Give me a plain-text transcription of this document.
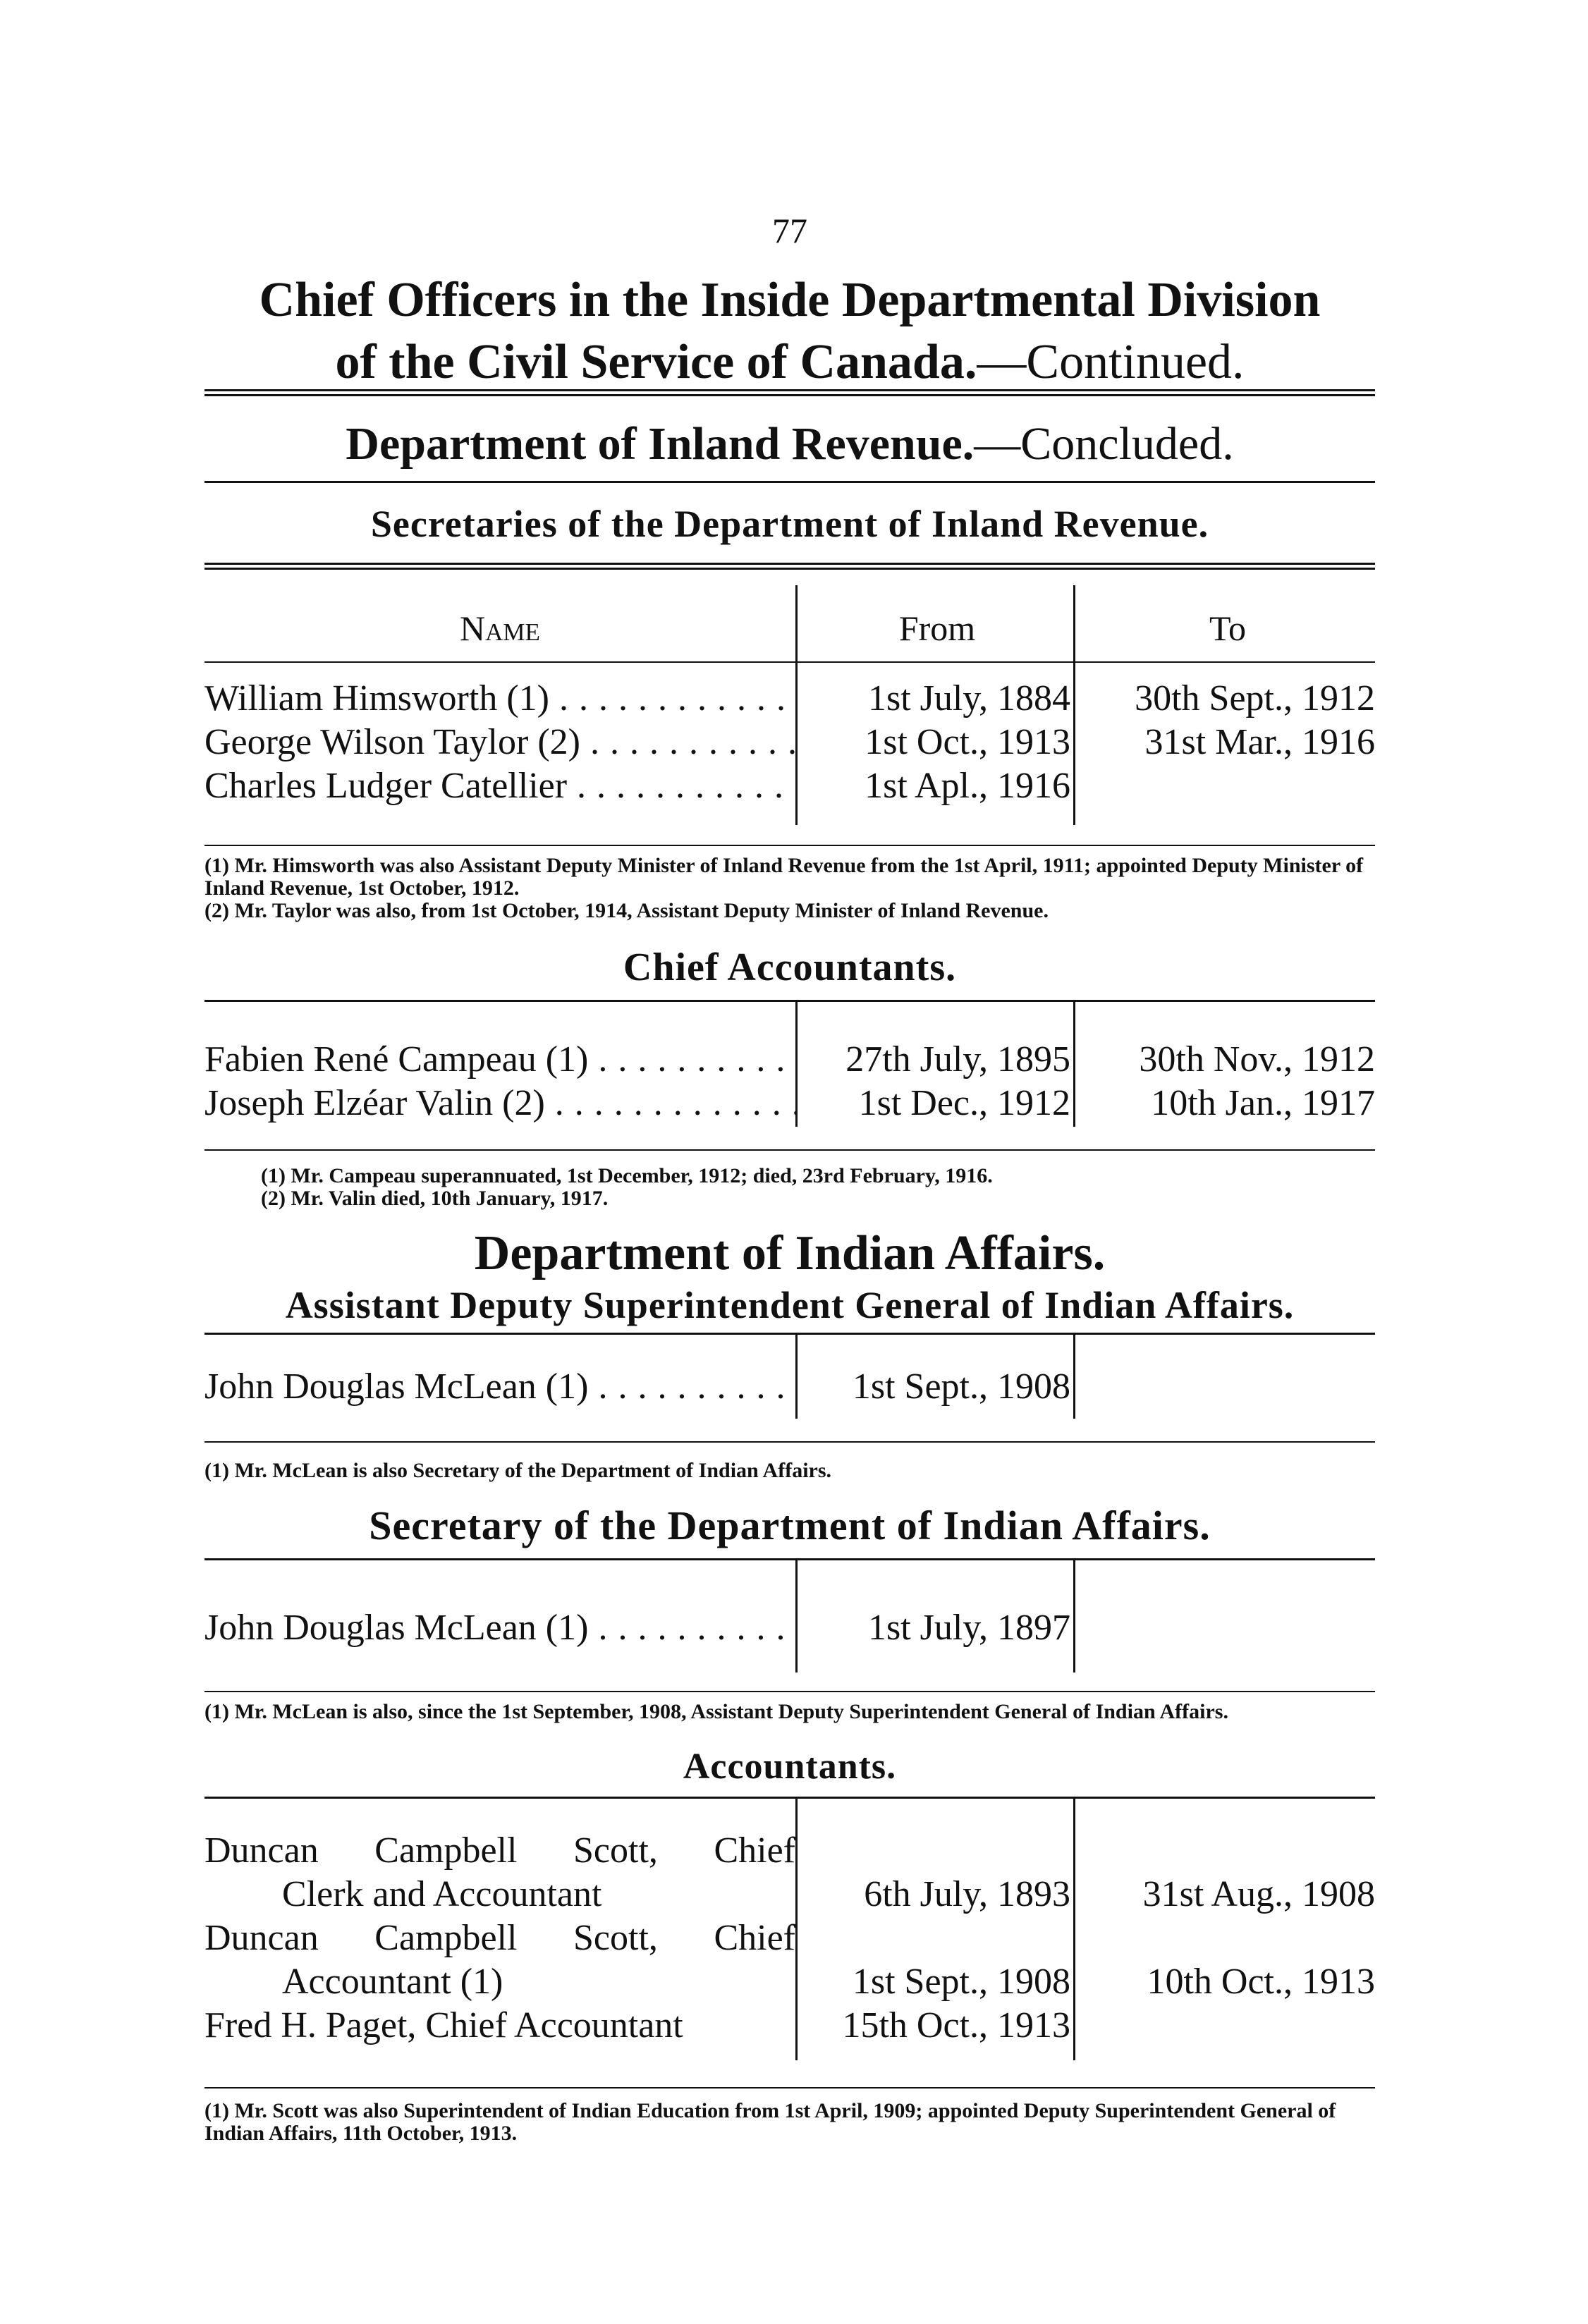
77
Chief Officers in the Inside Departmental Division
of the Civil Service of Canada.—Continued.
Department of Inland Revenue.—Concluded.
Secretaries of the Department of Inland Revenue.
Name	From	To
William Himsworth (1) . . .	1st July, 1884	30th Sept., 1912
George Wilson Taylor (2) . . .	1st Oct., 1913	31st Mar., 1916
Charles Ludger Catellier . . .	1st Apl., 1916
(1) Mr. Himsworth was also Assistant Deputy Minister of Inland Revenue from the 1st April, 1911; appointed Deputy Minister of Inland Revenue, 1st October, 1912.
(2) Mr. Taylor was also, from 1st October, 1914, Assistant Deputy Minister of Inland Revenue.
Chief Accountants.
Fabien René Campeau (1) . . .	27th July, 1895	30th Nov., 1912
Joseph Elzéar Valin (2) . . .	1st Dec., 1912	10th Jan., 1917
(1) Mr. Campeau superannuated, 1st December, 1912; died, 23rd February, 1916.
(2) Mr. Valin died, 10th January, 1917.
Department of Indian Affairs.
Assistant Deputy Superintendent General of Indian Affairs.
John Douglas McLean (1) . . .	1st Sept., 1908
(1) Mr. McLean is also Secretary of the Department of Indian Affairs.
Secretary of the Department of Indian Affairs.
John Douglas McLean (1) . . .	1st July, 1897
(1) Mr. McLean is also, since the 1st September, 1908, Assistant Deputy Superintendent General of Indian Affairs.
Accountants.
Duncan Campbell Scott, Chief
Clerk and Accountant	6th July, 1893	31st Aug., 1908
Duncan Campbell Scott, Chief
Accountant (1)	1st Sept., 1908	10th Oct., 1913
Fred H. Paget, Chief Accountant	15th Oct., 1913
(1) Mr. Scott was also Superintendent of Indian Education from 1st April, 1909; appointed Deputy Superintendent General of Indian Affairs, 11th October, 1913.
